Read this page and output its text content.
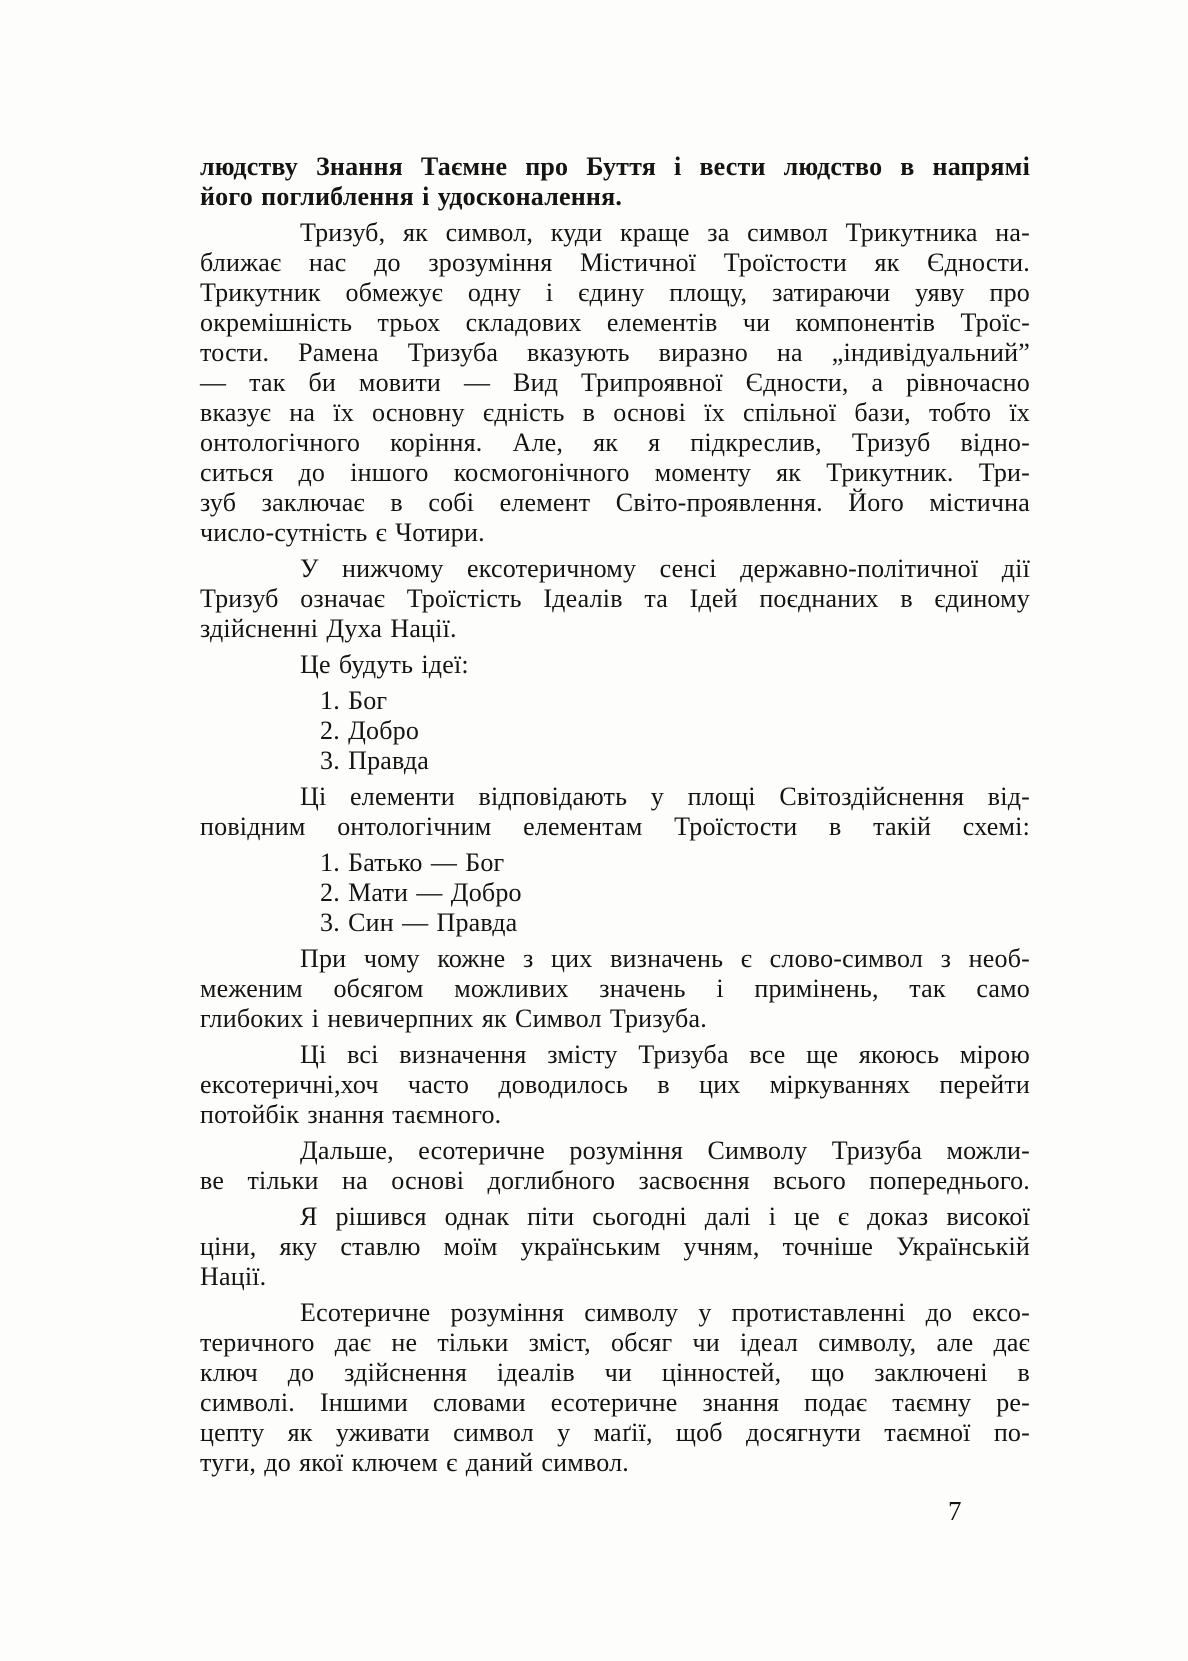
людству Знання Таємне про Буття і вести людство в напрямі
його поглиблення і удосконалення.
Тризуб, як символ, куди краще за символ Трикутника на-
ближає нас до зрозуміння Містичної Троїстости як Єдности.
Трикутник обмежує одну і єдину площу, затираючи уяву про
окремішність трьох складових елементів чи компонентів Троїс-
тости. Рамена Тризуба вказують виразно на „індивідуальний”
— так би мовити — Вид Трипроявної Єдности, а рівночасно
вказує на їх основну єдність в основі їх спільної бази, тобто їх
онтологічного коріння. Але, як я підкреслив, Тризуб відно-
ситься до іншого космогонічного моменту як Трикутник. Три-
зуб заключає в собі елемент Світо-проявлення. Його містична
число-сутність є Чотири.
У нижчому ексотеричному сенсі державно-політичної дії
Тризуб означає Троїстість Ідеалів та Ідей поєднаних в єдиному
здійсненні Духа Нації.
Це будуть ідеї:
1. Бог
2. Добро
3. Правда
Ці елементи відповідають у площі Світоздійснення від-
повідним онтологічним елементам Троїстости в такій схемі:
1. Батько — Бог
2. Мати — Добро
3. Син — Правда
При чому кожне з цих визначень є слово-символ з необ-
меженим обсягом можливих значень і примінень, так само
глибоких і невичерпних як Символ Тризуба.
Ці всі визначення змісту Тризуба все ще якоюсь мірою
ексотеричні,хоч часто доводилось в цих міркуваннях перейти
потойбік знання таємного.
Дальше, есотеричне розуміння Символу Тризуба можли-
ве тільки на основі доглибного засвоєння всього попереднього.
Я рішився однак піти сьогодні далі і це є доказ високої
ціни, яку ставлю моїм українським учням, точніше Українській
Нації.
Есотеричне розуміння символу у протиставленні до ексо-
теричного дає не тільки зміст, обсяг чи ідеал символу, але дає
ключ до здійснення ідеалів чи цінностей, що заключені в
символі. Іншими словами есотеричне знання подає таємну ре-
цепту як уживати символ у маґії, щоб досягнути таємної по-
туги, до якої ключем є даний символ.
7
